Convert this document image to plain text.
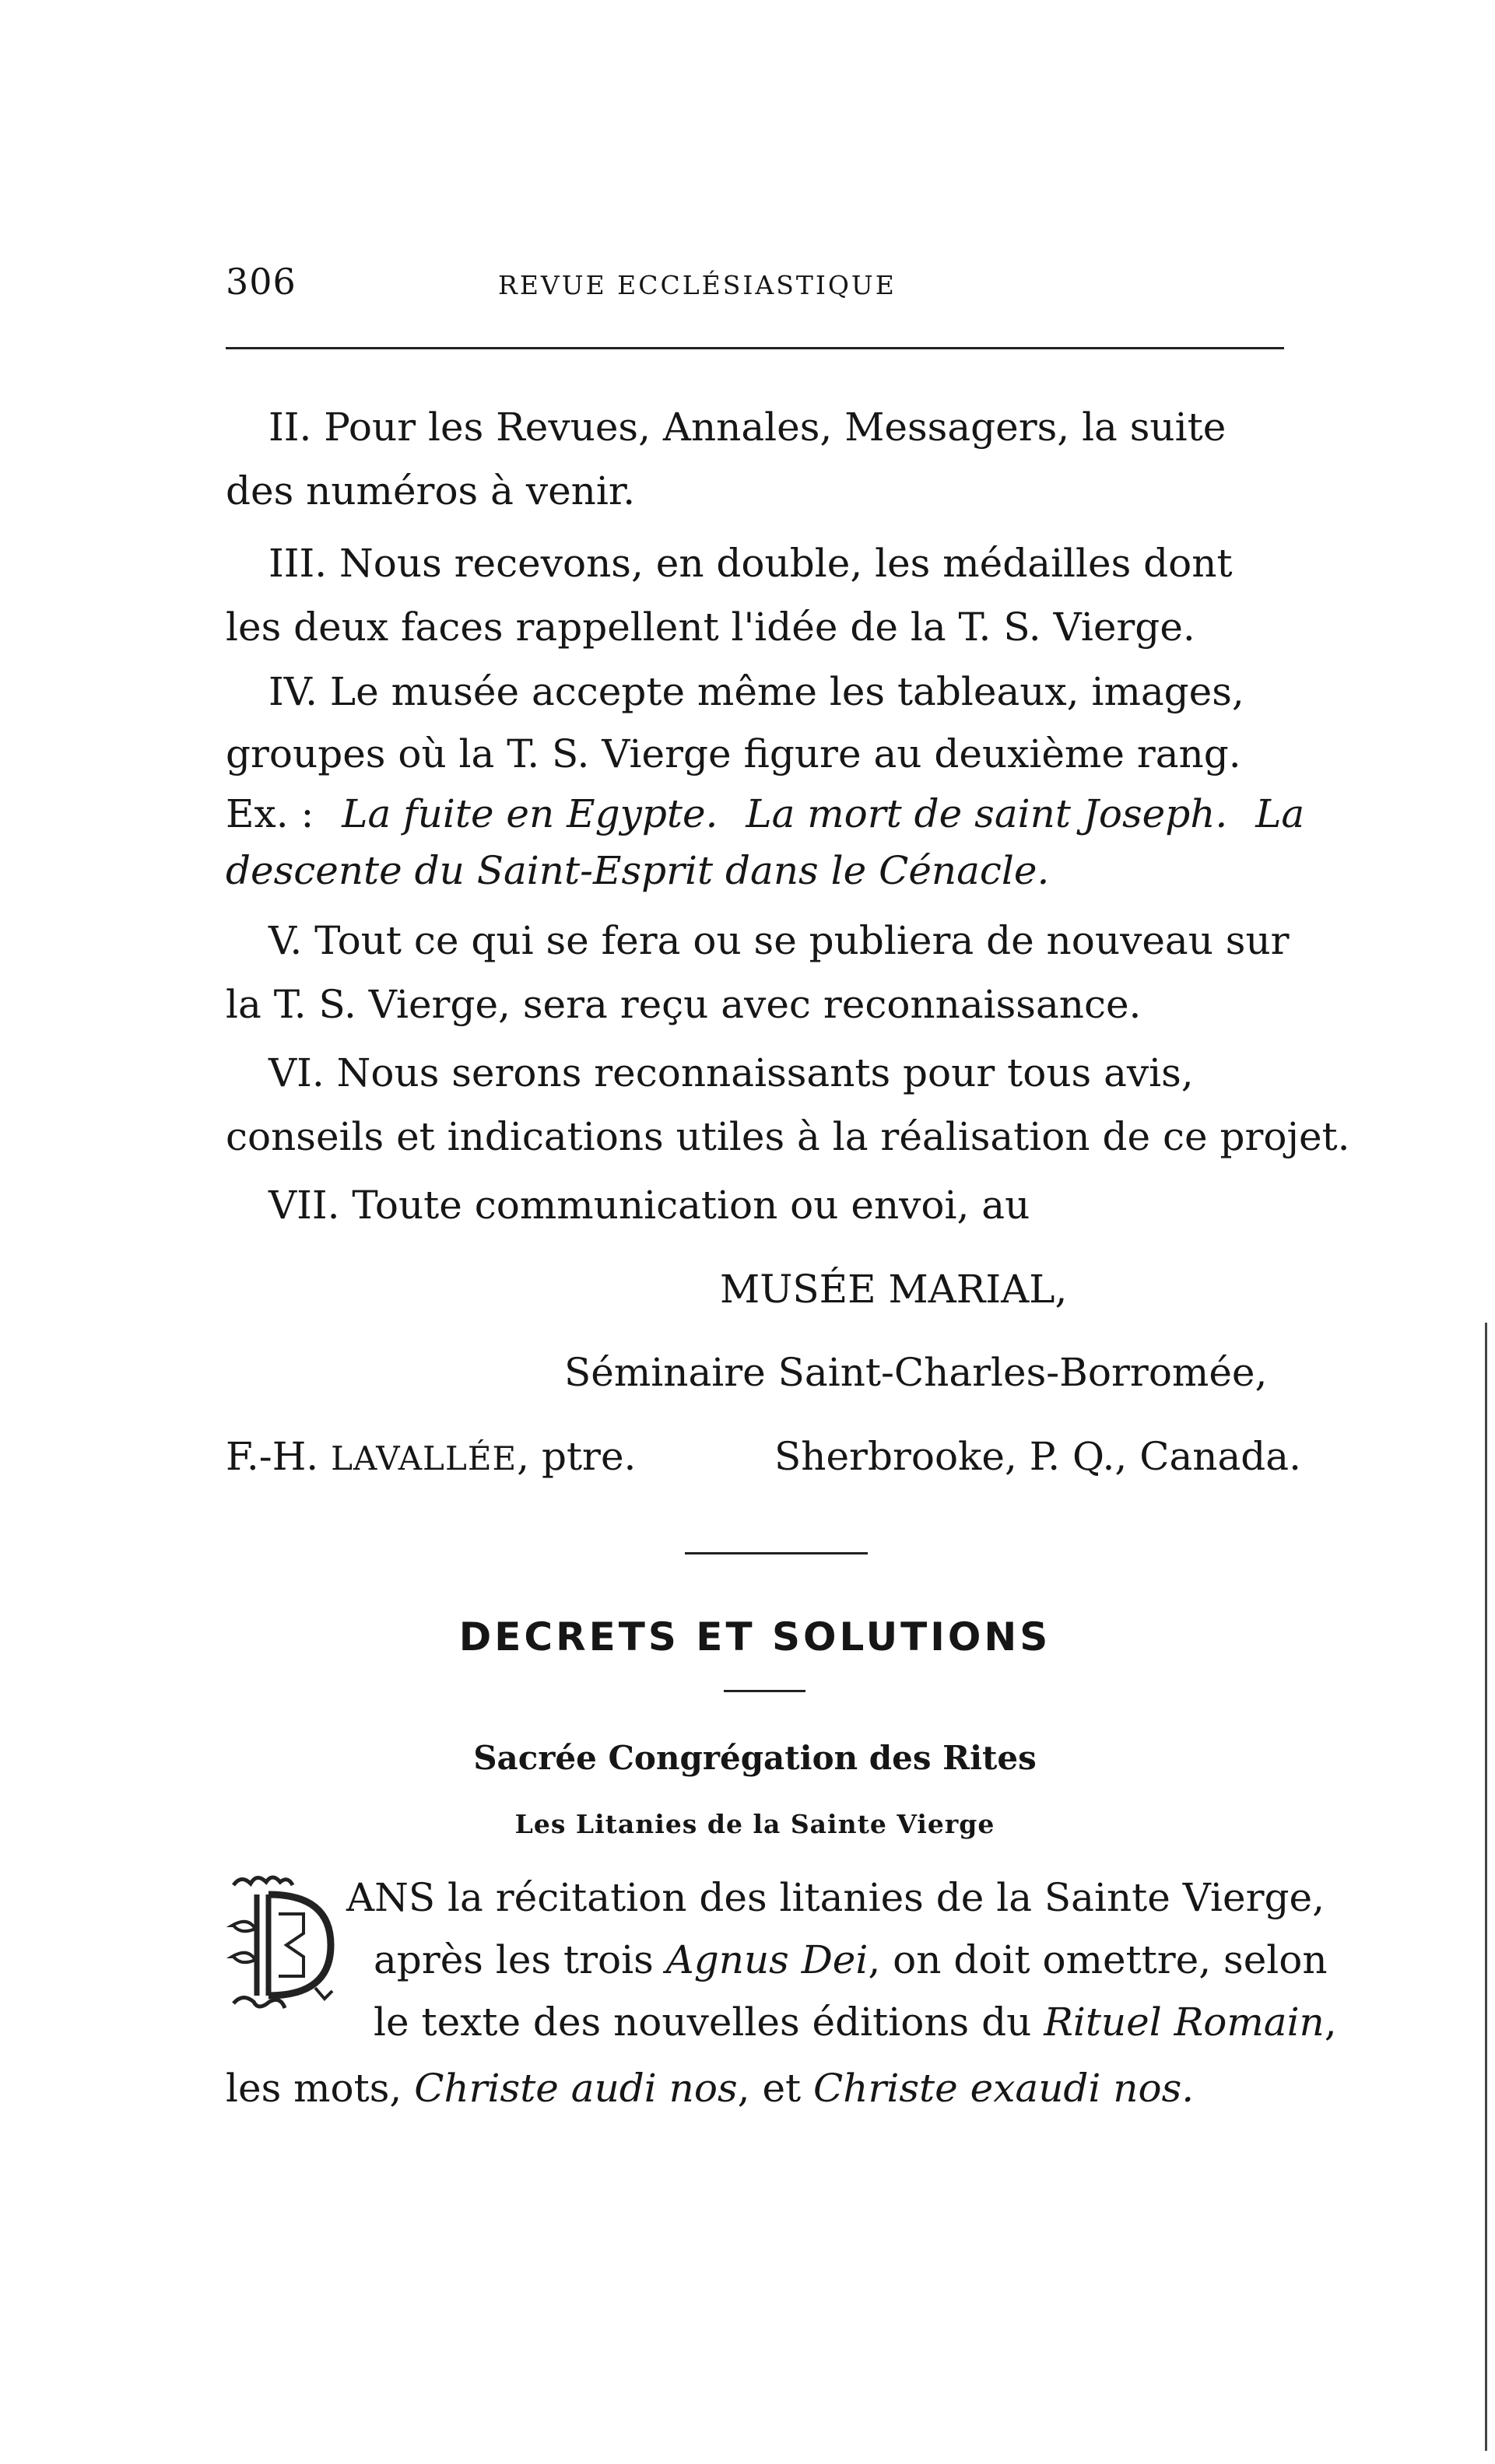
306	REVUE ECCLÉSIASTIQUE
II. Pour les Revues, Annales, Messagers, la suite
des numéros à venir.
III. Nous recevons, en double, les médailles dont
les deux faces rappellent l'idée de la T. S. Vierge.
IV. Le musée accepte même les tableaux, images,
groupes où la T. S. Vierge figure au deuxième rang.
Ex. : La fuite en Egypte. La mort de saint Joseph. La
descente du Saint-Esprit dans le Cénacle.
V. Tout ce qui se fera ou se publiera de nouveau sur
la T. S. Vierge, sera reçu avec reconnaissance.
VI. Nous serons reconnaissants pour tous avis,
conseils et indications utiles à la réalisation de ce projet.
VII. Toute communication ou envoi, au
MUSÉE MARIAL,
Séminaire Saint-Charles-Borromée,
F.-H. LAVALLÉE, ptre.	Sherbrooke, P. Q., Canada.
DECRETS ET SOLUTIONS
Sacrée Congrégation des Rites
Les Litanies de la Sainte Vierge
ANS la récitation des litanies de la Sainte Vierge,
après les trois Agnus Dei, on doit omettre, selon
le texte des nouvelles éditions du Rituel Romain,
les mots, Christe audi nos, et Christe exaudi nos.
